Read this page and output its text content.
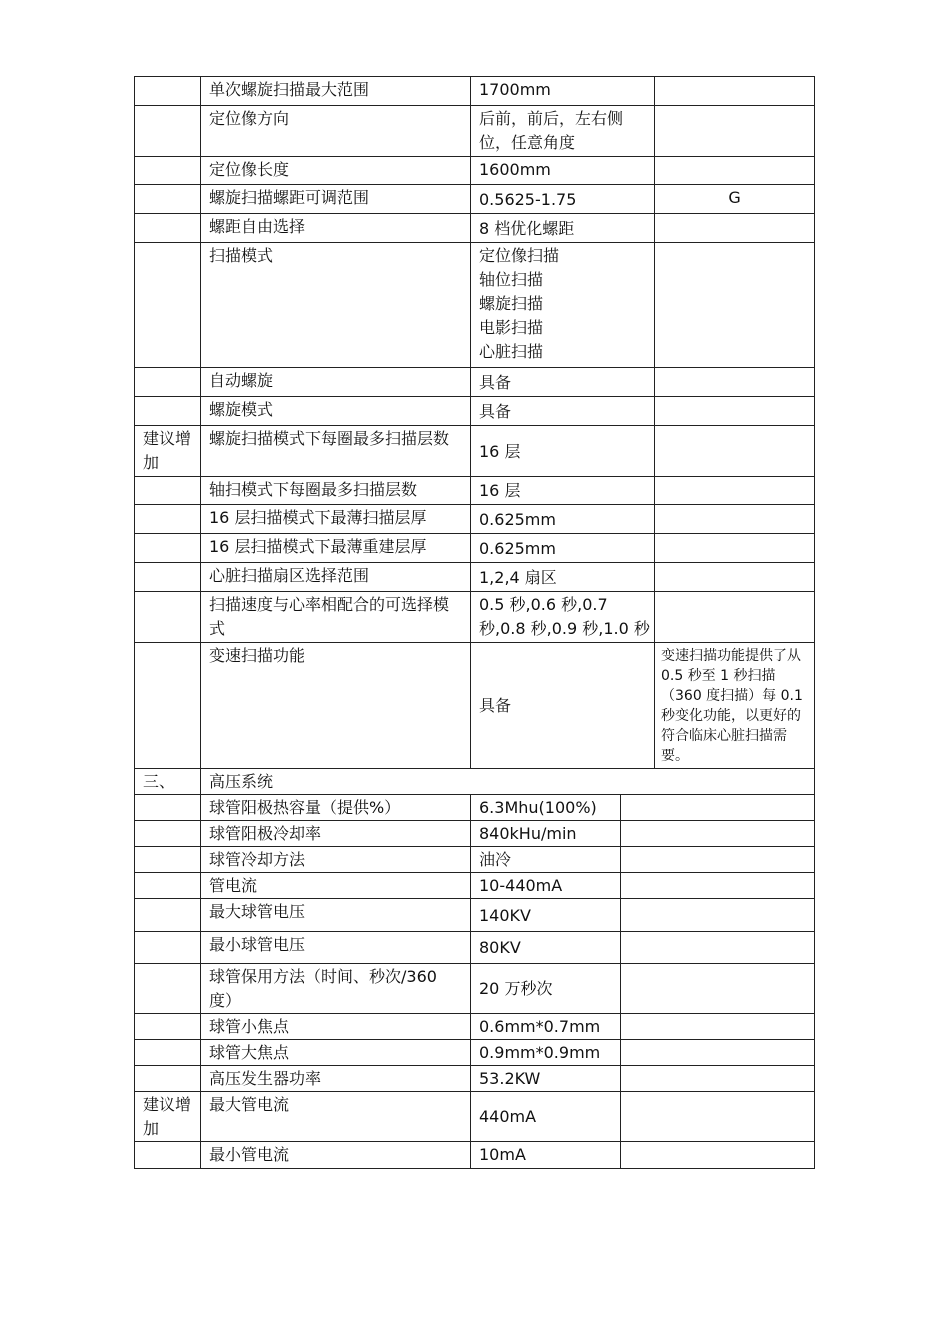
	单次螺旋扫描最大范围	1700mm		
	定位像方向	后前，前后，左右侧位，任意角度		
	定位像长度	1600mm		
	螺旋扫描螺距可调范围	0.5625-1.75		G
	螺距自由选择	8 档优化螺距		
	扫描模式	定位像扫描
轴位扫描
螺旋扫描
电影扫描
心脏扫描		

	自动螺旋	具备		
	螺旋模式	具备		
建议增加	螺旋扫描模式下每圈最多扫描层数	16 层		
	轴扫模式下每圈最多扫描层数	16 层		
	16 层扫描模式下最薄扫描层厚	0.625mm		
	16 层扫描模式下最薄重建层厚	0.625mm		
	心脏扫描扇区选择范围	1,2,4 扇区		
	扫描速度与心率相配合的可选择模式	0.5 秒,0.6 秒,0.7 秒,0.8 秒,0.9 秒,1.0 秒		
	变速扫描功能	具备		变速扫描功能提供了从 0.5 秒至 1 秒扫描（360 度扫描）每 0.1 秒变化功能，以更好的符合临床心脏扫描需要。
三、	高压系统			
	球管阳极热容量（提供%）	6.3Mhu(100%)		
	球管阳极冷却率	840kHu/min		
	球管冷却方法	油冷		
	管电流	10-440mA		
	最大球管电压	140KV		
	最小球管电压	80KV		
	球管保用方法（时间、秒次/360 度）	20 万秒次		
	球管小焦点	0.6mm*0.7mm		
	球管大焦点	0.9mm*0.9mm		
	高压发生器功率	53.2KW		
建议增加	最大管电流	440mA		
	最小管电流	10mA		
